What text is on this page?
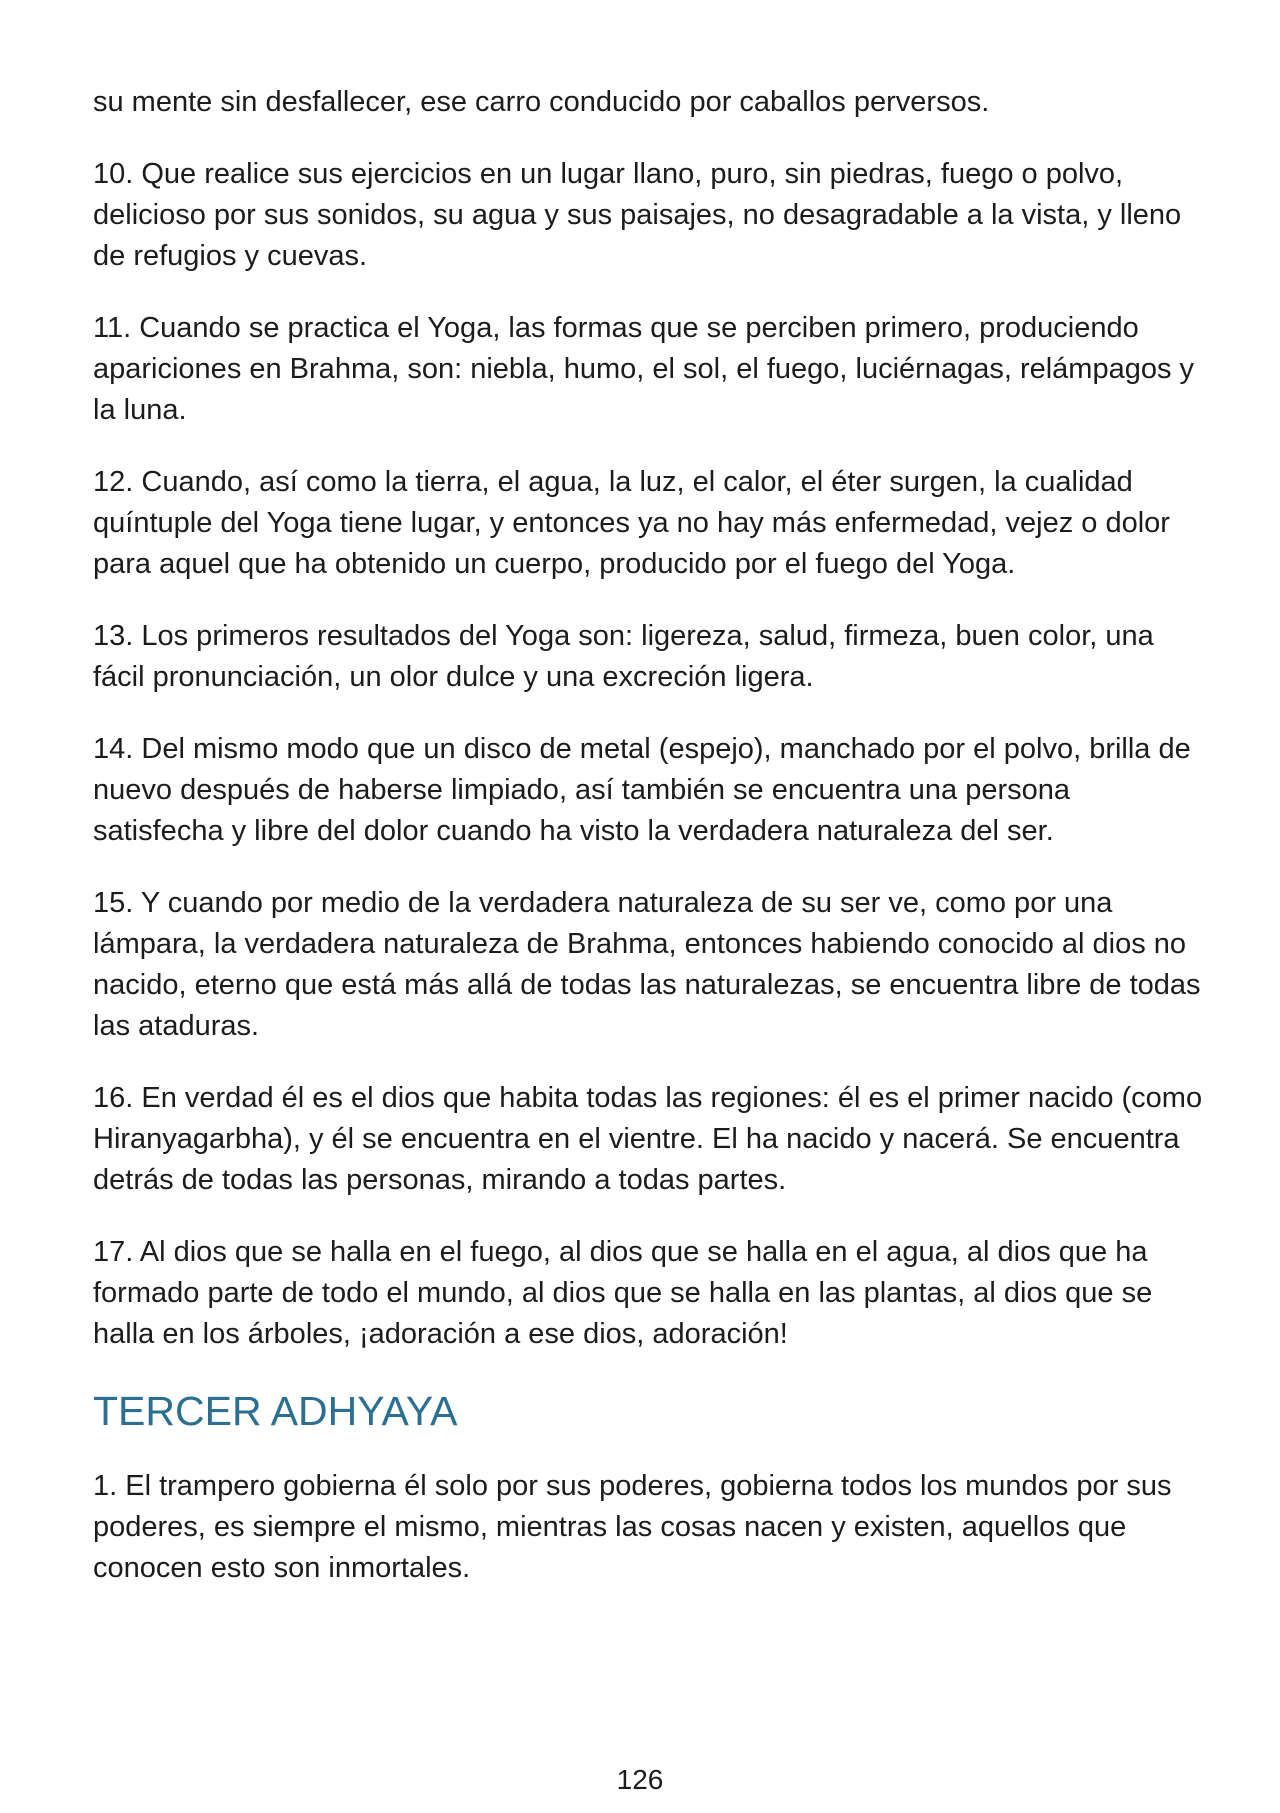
su mente sin desfallecer, ese carro conducido por caballos perversos.

10. Que realice sus ejercicios en un lugar llano, puro, sin piedras, fuego o polvo, delicioso por sus sonidos, su agua y sus paisajes, no desagradable a la vista, y lleno de refugios y cuevas.

11. Cuando se practica el Yoga, las formas que se perciben primero, produciendo apariciones en Brahma, son: niebla, humo, el sol, el fuego, luciérnagas, relámpagos y la luna.

12. Cuando, así como la tierra, el agua, la luz, el calor, el éter surgen, la cualidad quíntuple del Yoga tiene lugar, y entonces ya no hay más enfermedad, vejez o dolor para aquel que ha obtenido un cuerpo, producido por el fuego del Yoga.

13. Los primeros resultados del Yoga son: ligereza, salud, firmeza, buen color, una fácil pronunciación, un olor dulce y una excreción ligera.

14. Del mismo modo que un disco de metal (espejo), manchado por el polvo, brilla de nuevo después de haberse limpiado, así también se encuentra una persona satisfecha y libre del dolor cuando ha visto la verdadera naturaleza del ser.

15. Y cuando por medio de la verdadera naturaleza de su ser ve, como por una lámpara, la verdadera naturaleza de Brahma, entonces habiendo conocido al dios no nacido, eterno que está más allá de todas las naturalezas, se encuentra libre de todas las ataduras.

16. En verdad él es el dios que habita todas las regiones: él es el primer nacido (como Hiranyagarbha), y él se encuentra en el vientre. El ha nacido y nacerá. Se encuentra detrás de todas las personas, mirando a todas partes.

17. Al dios que se halla en el fuego, al dios que se halla en el agua, al dios que ha formado parte de todo el mundo, al dios que se halla en las plantas, al dios que se halla en los árboles, ¡adoración a ese dios, adoración!

TERCER ADHYAYA

1. El trampero gobierna él solo por sus poderes, gobierna todos los mundos por sus poderes, es siempre el mismo, mientras las cosas nacen y existen, aquellos que conocen esto son inmortales.

126
